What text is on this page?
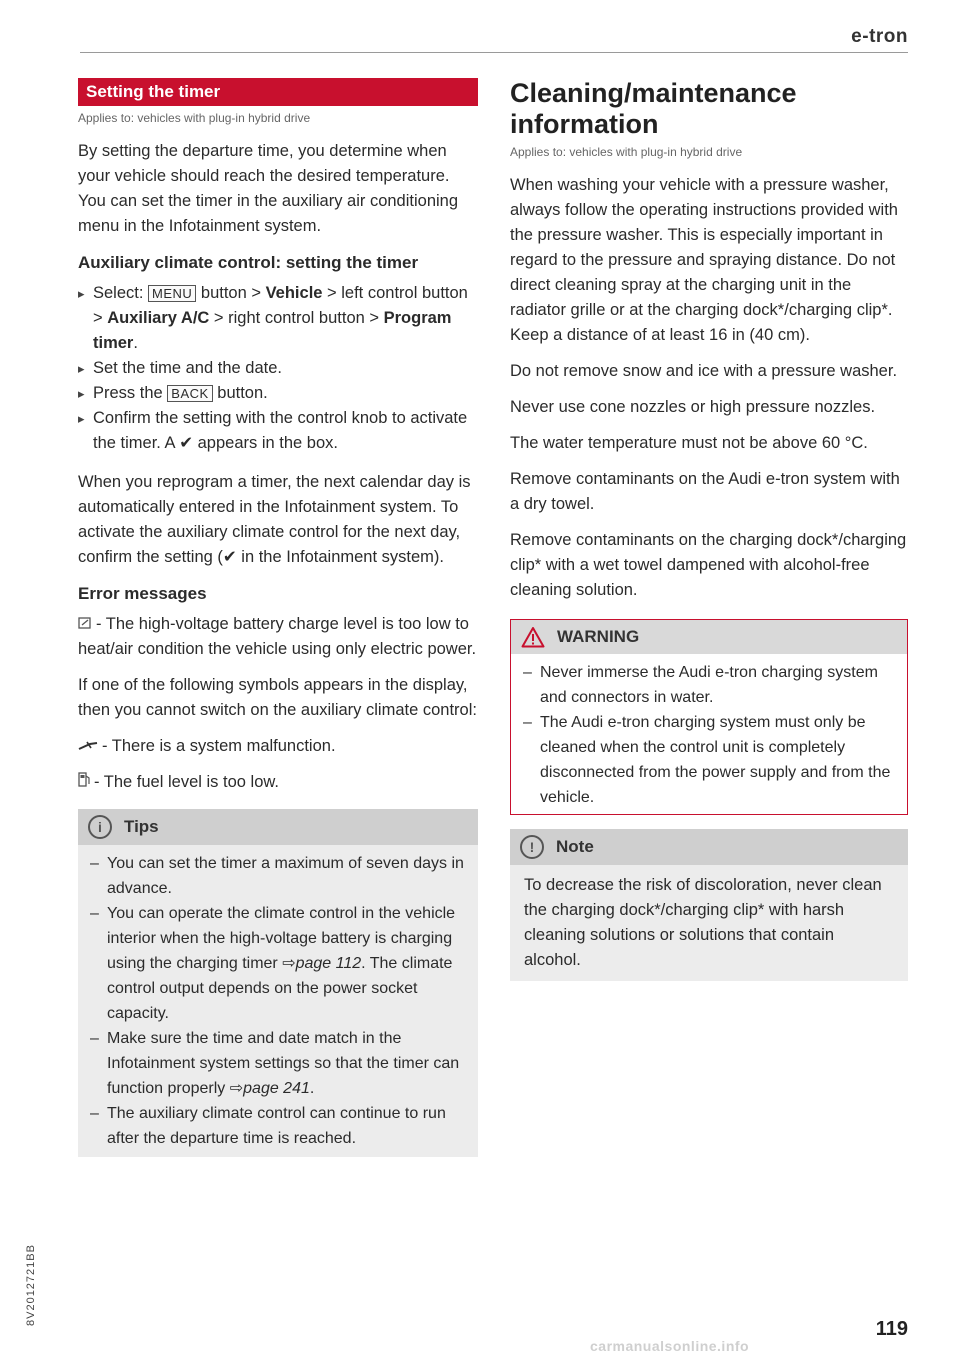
e-tron
Setting the timer
Applies to: vehicles with plug-in hybrid drive

By setting the departure time, you determine when your vehicle should reach the desired temperature. You can set the timer in the auxiliary air conditioning menu in the Infotainment system.

Auxiliary climate control: setting the timer
▸ Select: MENU button > Vehicle > left control button > Auxiliary A/C > right control button > Program timer.
▸ Set the time and the date.
▸ Press the BACK button.
▸ Confirm the setting with the control knob to activate the timer. A ✔ appears in the box.

When you reprogram a timer, the next calendar day is automatically entered in the Infotainment system. To activate the auxiliary climate control for the next day, confirm the setting (✔ in the Infotainment system).

Error messages

- The high-voltage battery charge level is too low to heat/air condition the vehicle using only electric power.

If one of the following symbols appears in the display, then you cannot switch on the auxiliary climate control:

- There is a system malfunction.

- The fuel level is too low.

i	Tips
– You can set the timer a maximum of seven days in advance.
– You can operate the climate control in the vehicle interior when the high-voltage battery is charging using the charging timer ⇨page 112. The climate control output depends on the power socket capacity.
– Make sure the time and date match in the Infotainment system settings so that the timer can function properly ⇨page 241.
– The auxiliary climate control can continue to run after the departure time is reached.
Cleaning/maintenance information
Applies to: vehicles with plug-in hybrid drive

When washing your vehicle with a pressure washer, always follow the operating instructions provided with the pressure washer. This is especially important in regard to the pressure and spraying distance. Do not direct cleaning spray at the charging unit in the radiator grille or at the charging dock*/charging clip*. Keep a distance of at least 16 in (40 cm).

Do not remove snow and ice with a pressure washer.

Never use cone nozzles or high pressure nozzles.

The water temperature must not be above 60 °C.

Remove contaminants on the Audi e-tron system with a dry towel.

Remove contaminants on the charging dock*/charging clip* with a wet towel dampened with alcohol-free cleaning solution.

WARNING
– Never immerse the Audi e-tron charging system and connectors in water.
– The Audi e-tron charging system must only be cleaned when the control unit is completely disconnected from the power supply and from the vehicle.
!	Note

To decrease the risk of discoloration, never clean the charging dock*/charging clip* with harsh cleaning solutions or solutions that contain alcohol.

8V2012721BB
119
carmanualsonline.info
